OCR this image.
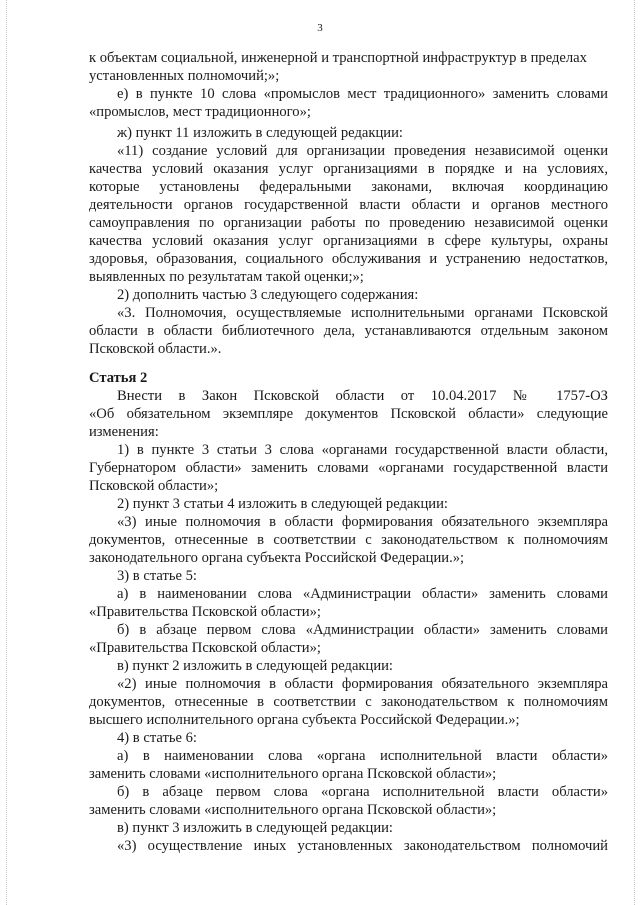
3
к объектам социальной, инженерной и транспортной инфраструктур в пределах
установленных полномочий;»;
е) в пункте 10 слова «промыслов мест традиционного» заменить словами
«промыслов, мест традиционного»;
ж) пункт 11 изложить в следующей редакции:
«11) создание условий для организации проведения независимой оценки
качества условий оказания услуг организациями в порядке и на условиях,
которые установлены федеральными законами, включая координацию
деятельности органов государственной власти области и органов местного
самоуправления по организации работы по проведению независимой оценки
качества условий оказания услуг организациями в сфере культуры, охраны
здоровья, образования, социального обслуживания и устранению недостатков,
выявленных по результатам такой оценки;»;
2) дополнить частью 3 следующего содержания:
«3. Полномочия, осуществляемые исполнительными органами Псковской
области в области библиотечного дела, устанавливаются отдельным законом
Псковской области.».
Статья 2
Внести в Закон Псковской области от 10.04.2017 № 1757-ОЗ
«Об обязательном экземпляре документов Псковской области» следующие
изменения:
1) в пункте 3 статьи 3 слова «органами государственной власти области,
Губернатором области» заменить словами «органами государственной власти
Псковской области»;
2) пункт 3 статьи 4 изложить в следующей редакции:
«3) иные полномочия в области формирования обязательного экземпляра
документов, отнесенные в соответствии с законодательством к полномочиям
законодательного органа субъекта Российской Федерации.»;
3) в статье 5:
а) в наименовании слова «Администрации области» заменить словами
«Правительства Псковской области»;
б) в абзаце первом слова «Администрации области» заменить словами
«Правительства Псковской области»;
в) пункт 2 изложить в следующей редакции:
«2) иные полномочия в области формирования обязательного экземпляра
документов, отнесенные в соответствии с законодательством к полномочиям
высшего исполнительного органа субъекта Российской Федерации.»;
4) в статье 6:
а) в наименовании слова «органа исполнительной власти области»
заменить словами «исполнительного органа Псковской области»;
б) в абзаце первом слова «органа исполнительной власти области»
заменить словами «исполнительного органа Псковской области»;
в) пункт 3 изложить в следующей редакции:
«3) осуществление иных установленных законодательством полномочий
